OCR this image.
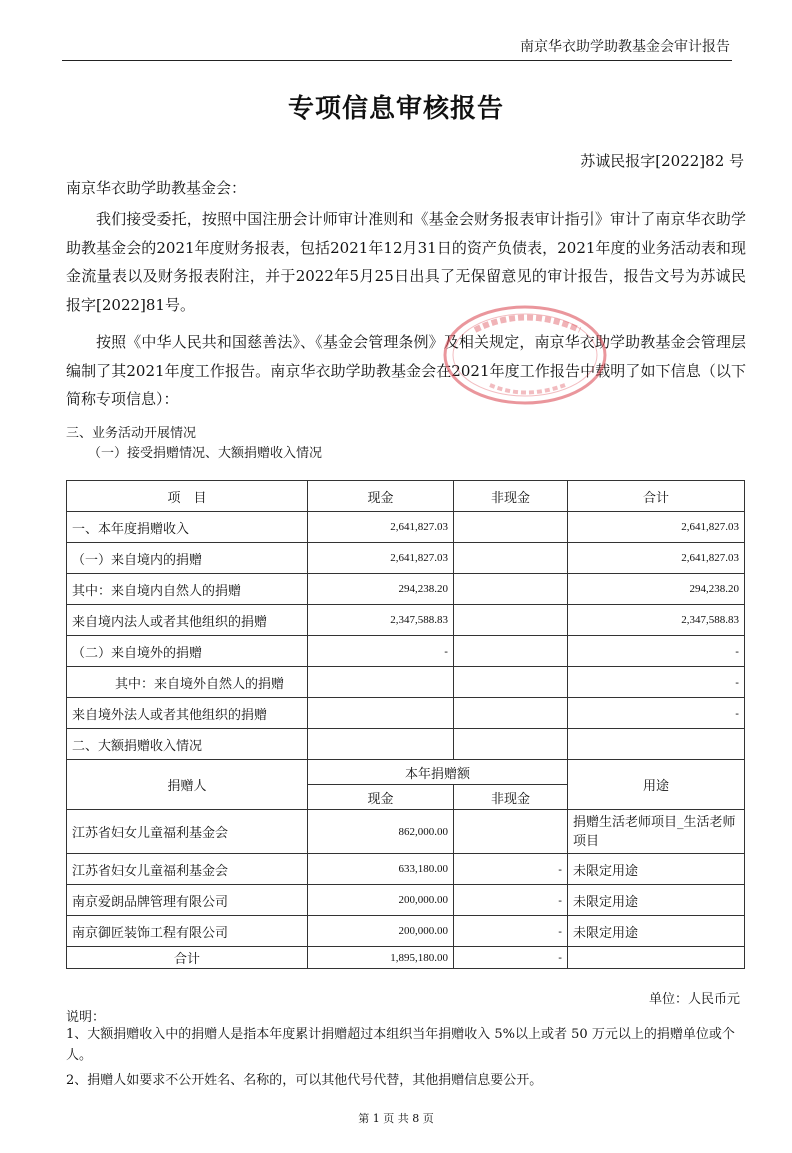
南京华衣助学助教基金会审计报告
专项信息审核报告
苏诚民报字[2022]82 号
南京华衣助学助教基金会：
我们接受委托，按照中国注册会计师审计准则和《基金会财务报表审计指引》审计了南京华衣助学助教基金会的2021年度财务报表，包括2021年12月31日的资产负债表，2021年度的业务活动表和现金流量表以及财务报表附注，并于2022年5月25日出具了无保留意见的审计报告，报告文号为苏诚民报字[2022]81号。
按照《中华人民共和国慈善法》、《基金会管理条例》及相关规定，南京华衣助学助教基金会管理层编制了其2021年度工作报告。南京华衣助学助教基金会在2021年度工作报告中载明了如下信息（以下简称专项信息）：
三、业务活动开展情况
（一）接受捐赠情况、大额捐赠收入情况
项　目	现金	非现金	合计
一、本年度捐赠收入	2,641,827.03		2,641,827.03
（一）来自境内的捐赠	2,641,827.03		2,641,827.03
其中：来自境内自然人的捐赠	294,238.20		294,238.20
来自境内法人或者其他组织的捐赠	2,347,588.83		2,347,588.83
（二）来自境外的捐赠	-		-
其中：来自境外自然人的捐赠			-
来自境外法人或者其他组织的捐赠			-
二、大额捐赠收入情况			
捐赠人	本年捐赠额		用途
	现金	非现金	
江苏省妇女儿童福利基金会	862,000.00		捐赠生活老师项目_生活老师项目
江苏省妇女儿童福利基金会	633,180.00	-	未限定用途
南京爱朗品牌管理有限公司	200,000.00	-	未限定用途
南京御匠装饰工程有限公司	200,000.00	-	未限定用途
合计	1,895,180.00	-	
单位：人民币元
说明：
1、大额捐赠收入中的捐赠人是指本年度累计捐赠超过本组织当年捐赠收入 5%以上或者 50 万元以上的捐赠单位或个人。
2、捐赠人如要求不公开姓名、名称的，可以其他代号代替，其他捐赠信息要公开。
第 1 页 共 8 页
